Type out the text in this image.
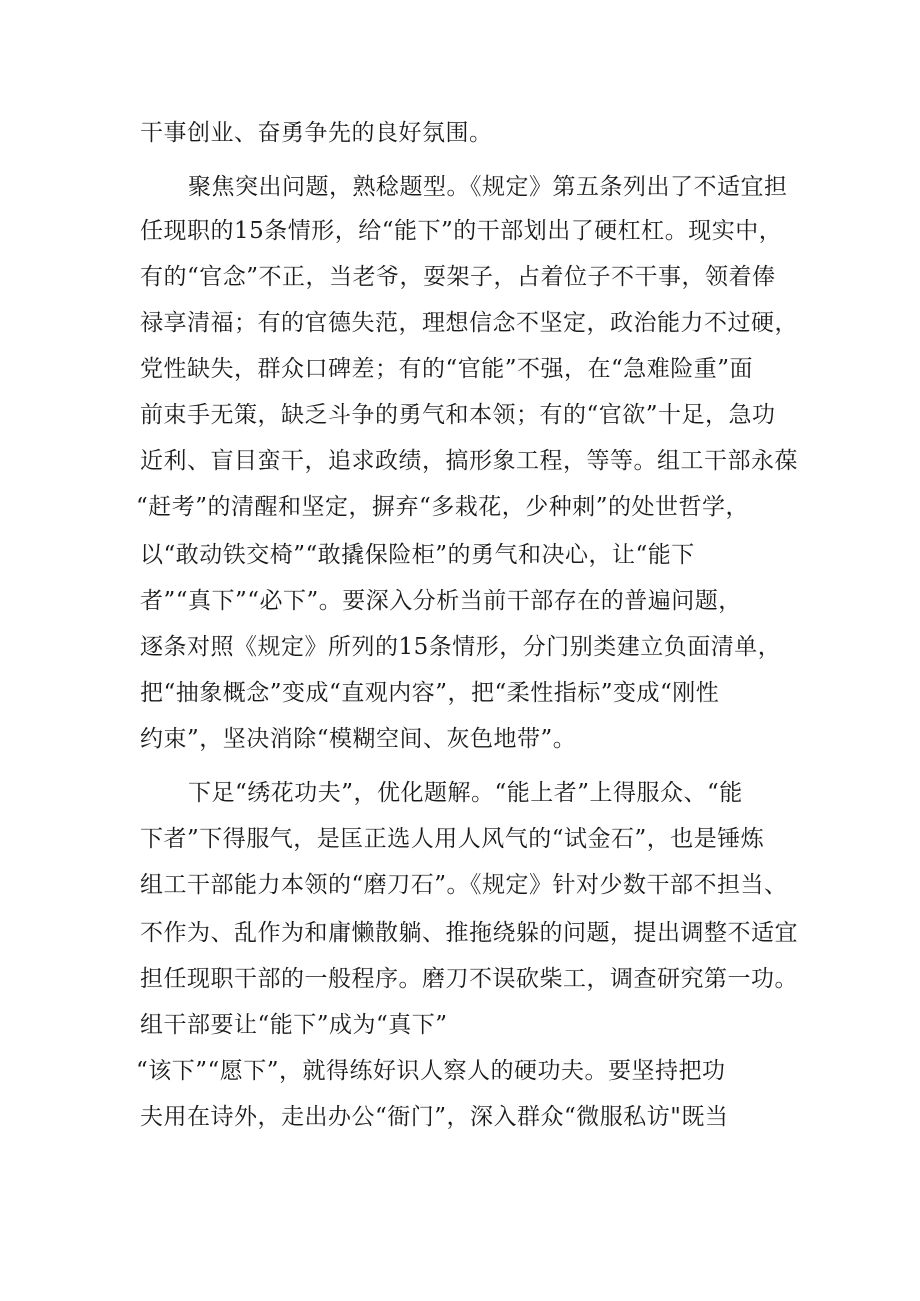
干事创业、奋勇争先的良好氛围。
聚焦突出问题，熟稔题型。《规定》第五条列出了不适宜担
任现职的15条情形，给“能下”的干部划出了硬杠杠。现实中，
有的“官念”不正，当老爷，耍架子，占着位子不干事，领着俸
禄享清福；有的官德失范，理想信念不坚定，政治能力不过硬，
党性缺失，群众口碑差；有的“官能”不强，在“急难险重”面
前束手无策，缺乏斗争的勇气和本领；有的“官欲”十足，急功
近利、盲目蛮干，追求政绩，搞形象工程，等等。组工干部永葆
“赶考”的清醒和坚定，摒弃“多栽花，少种刺”的处世哲学，
以“敢动铁交椅”“敢撬保险柜”的勇气和决心，让“能下
者”“真下”“必下”。要深入分析当前干部存在的普遍问题，
逐条对照《规定》所列的15条情形，分门别类建立负面清单，
把“抽象概念”变成“直观内容”，把“柔性指标”变成“刚性
约束”，坚决消除“模糊空间、灰色地带”。
下足“绣花功夫”，优化题解。“能上者”上得服众、“能
下者”下得服气，是匡正选人用人风气的“试金石”，也是锤炼
组工干部能力本领的“磨刀石”。《规定》针对少数干部不担当、
不作为、乱作为和庸懒散躺、推拖绕躲的问题，提出调整不适宜
担任现职干部的一般程序。磨刀不误砍柴工，调查研究第一功。
组干部要让“能下”成为“真下”
“该下”“愿下”，就得练好识人察人的硬功夫。要坚持把功
夫用在诗外，走出办公“衙门”，深入群众“微服私访"既当
